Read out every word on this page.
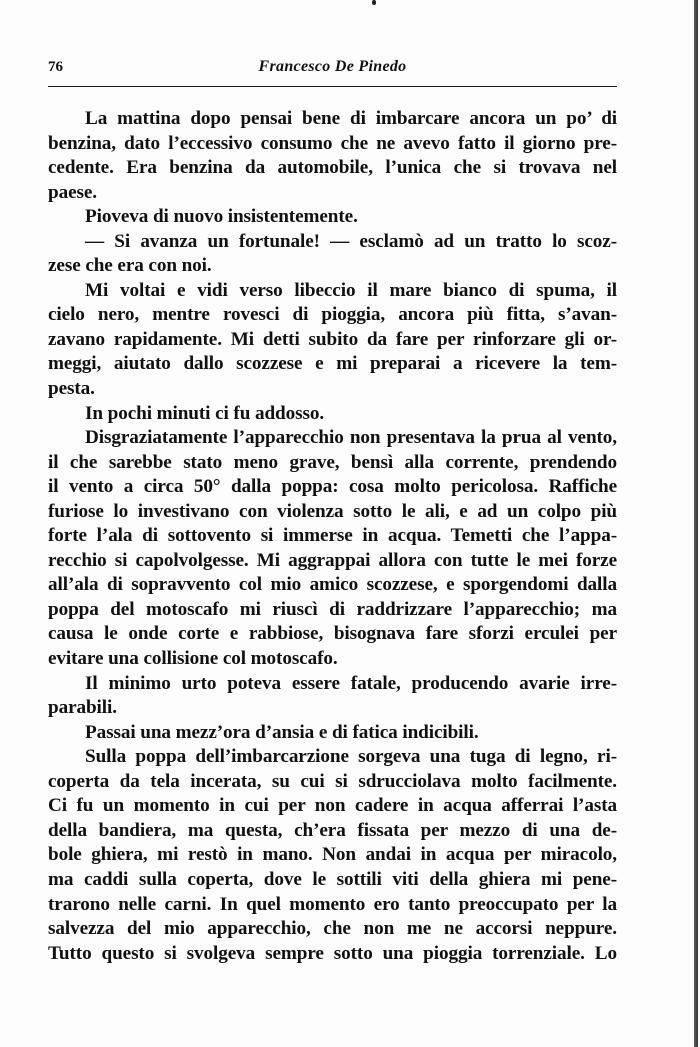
76	Francesco De Pinedo
La mattina dopo pensai bene di imbarcare ancora un po’ di
benzina, dato l’eccessivo consumo che ne avevo fatto il giorno pre-
cedente. Era benzina da automobile, l’unica che si trovava nel
paese.
Pioveva di nuovo insistentemente.
— Si avanza un fortunale! — esclamò ad un tratto lo scoz-
zese che era con noi.
Mi voltai e vidi verso libeccio il mare bianco di spuma, il
cielo nero, mentre rovesci di pioggia, ancora più fitta, s’avan-
zavano rapidamente. Mi detti subito da fare per rinforzare gli or-
meggi, aiutato dallo scozzese e mi preparai a ricevere la tem-
pesta.
In pochi minuti ci fu addosso.
Disgraziatamente l’apparecchio non presentava la prua al vento,
il che sarebbe stato meno grave, bensì alla corrente, prendendo
il vento a circa 50° dalla poppa: cosa molto pericolosa. Raffiche
furiose lo investivano con violenza sotto le ali, e ad un colpo più
forte l’ala di sottovento si immerse in acqua. Temetti che l’appa-
recchio si capolvolgesse. Mi aggrappai allora con tutte le mei forze
all’ala di sopravvento col mio amico scozzese, e sporgendomi dalla
poppa del motoscafo mi riuscì di raddrizzare l’apparecchio; ma
causa le onde corte e rabbiose, bisognava fare sforzi erculei per
evitare una collisione col motoscafo.
Il minimo urto poteva essere fatale, producendo avarie irre-
parabili.
Passai una mezz’ora d’ansia e di fatica indicibili.
Sulla poppa dell’imbarcarzione sorgeva una tuga di legno, ri-
coperta da tela incerata, su cui si sdrucciolava molto facilmente.
Ci fu un momento in cui per non cadere in acqua afferrai l’asta
della bandiera, ma questa, ch’era fissata per mezzo di una de-
bole ghiera, mi restò in mano. Non andai in acqua per miracolo,
ma caddi sulla coperta, dove le sottili viti della ghiera mi pene-
trarono nelle carni. In quel momento ero tanto preoccupato per la
salvezza del mio apparecchio, che non me ne accorsi neppure.
Tutto questo si svolgeva sempre sotto una pioggia torrenziale. Lo
